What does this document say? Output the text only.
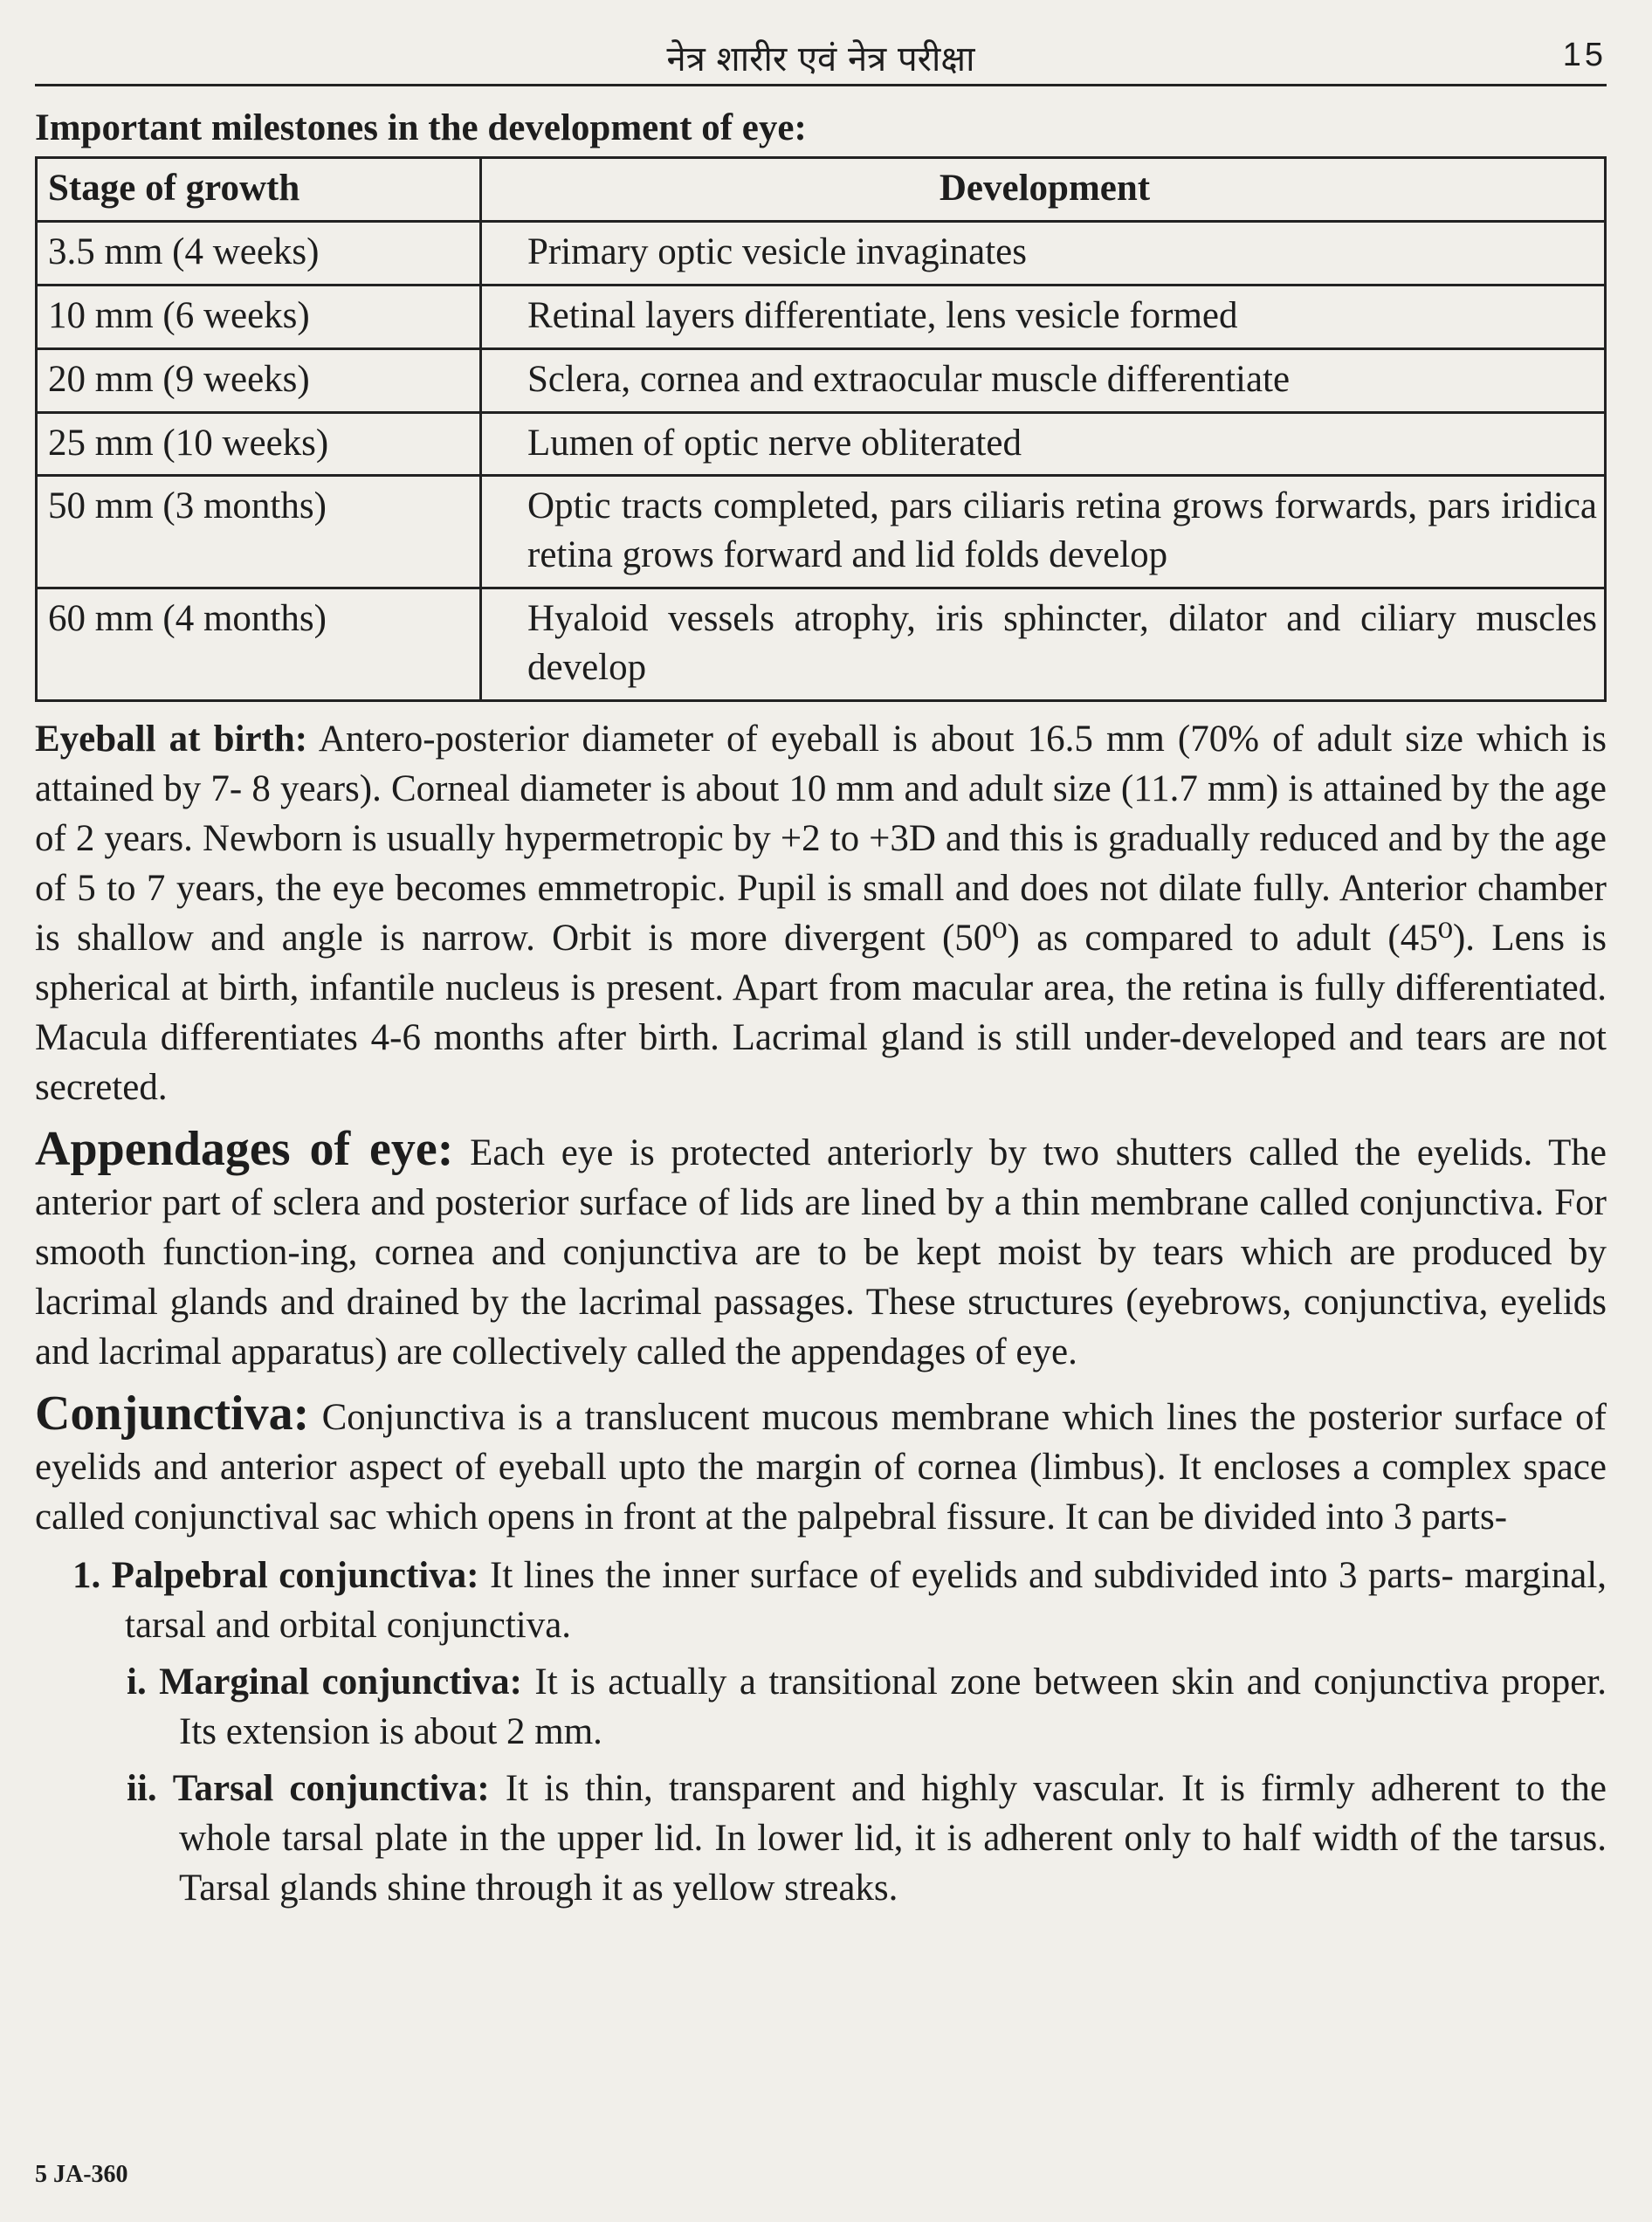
नेत्र शारीर एवं नेत्र परीक्षा	15
Important milestones in the development of eye:
Stage of growth	Development
3.5 mm (4 weeks)	Primary optic vesicle invaginates
10 mm (6 weeks)	Retinal layers differentiate, lens vesicle formed
20 mm (9 weeks)	Sclera, cornea and extraocular muscle differentiate
25 mm (10 weeks)	Lumen of optic nerve obliterated
50 mm (3 months)	Optic tracts completed, pars ciliaris retina grows forwards, pars iridica retina grows forward and lid folds develop
60 mm (4 months)	Hyaloid vessels atrophy, iris sphincter, dilator and ciliary muscles develop

Eyeball at birth: Antero-posterior diameter of eyeball is about 16.5 mm (70% of adult size which is attained by 7- 8 years). Corneal diameter is about 10 mm and adult size (11.7 mm) is attained by the age of 2 years. Newborn is usually hypermetropic by +2 to +3D and this is gradually reduced and by the age of 5 to 7 years, the eye becomes emmetropic. Pupil is small and does not dilate fully. Anterior chamber is shallow and angle is narrow. Orbit is more divergent (50⁰) as compared to adult (45⁰). Lens is spherical at birth, infantile nucleus is present. Apart from macular area, the retina is fully differentiated. Macula differentiates 4-6 months after birth. Lacrimal gland is still under-developed and tears are not secreted.

Appendages of eye: Each eye is protected anteriorly by two shutters called the eyelids. The anterior part of sclera and posterior surface of lids are lined by a thin membrane called conjunctiva. For smooth function-ing, cornea and conjunctiva are to be kept moist by tears which are produced by lacrimal glands and drained by the lacrimal passages. These structures (eyebrows, conjunctiva, eyelids and lacrimal apparatus) are collectively called the appendages of eye.

Conjunctiva: Conjunctiva is a translucent mucous membrane which lines the posterior surface of eyelids and anterior aspect of eyeball upto the margin of cornea (limbus). It encloses a complex space called conjunctival sac which opens in front at the palpebral fissure. It can be divided into 3 parts-

1. Palpebral conjunctiva: It lines the inner surface of eyelids and subdivided into 3 parts- marginal, tarsal and orbital conjunctiva.
i. Marginal conjunctiva: It is actually a transitional zone between skin and conjunctiva proper. Its extension is about 2 mm.
ii. Tarsal conjunctiva: It is thin, transparent and highly vascular. It is firmly adherent to the whole tarsal plate in the upper lid. In lower lid, it is adherent only to half width of the tarsus. Tarsal glands shine through it as yellow streaks.
5 JA-360
